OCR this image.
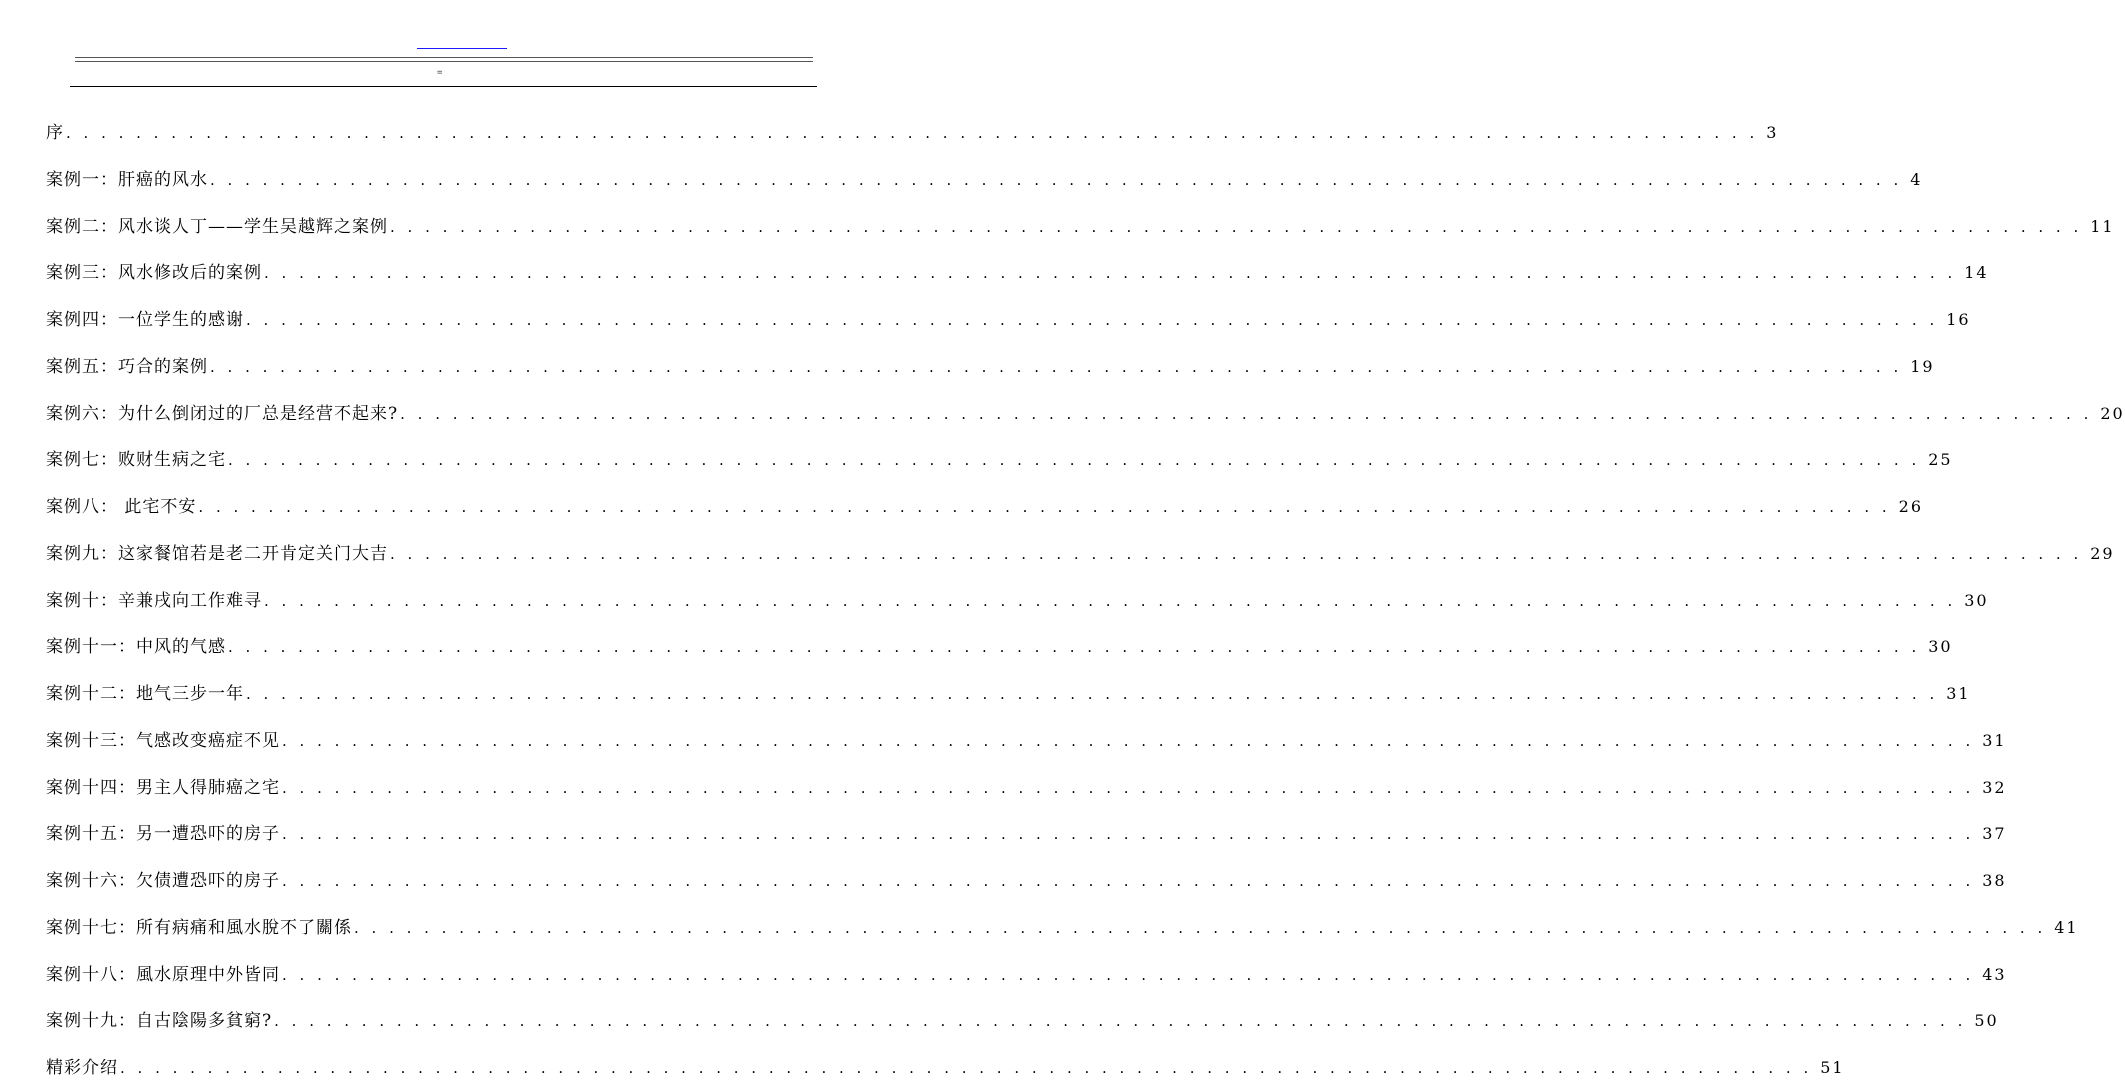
=
序 . . . . . . . . . . . . . . . . . . . . . . . . . . . . . . . . . . . . . . . . . . . . . . . . . . . . . . . . . . . . . . . . . . . . . . . . . . . . . . . . . . . . . . . . . . . . . . . . . 3
案例一：肝癌的风水 . . . . . . . . . . . . . . . . . . . . . . . . . . . . . . . . . . . . . . . . . . . . . . . . . . . . . . . . . . . . . . . . . . . . . . . . . . . . . . . . . . . . . . . . . . . . . . . . . 4
案例二：风水谈人丁——学生吴越辉之案例 . . . . . . . . . . . . . . . . . . . . . . . . . . . . . . . . . . . . . . . . . . . . . . . . . . . . . . . . . . . . . . . . . . . . . . . . . . . . . . . . . . . . . . . . . . . . . . . . . 11
案例三：风水修改后的案例 . . . . . . . . . . . . . . . . . . . . . . . . . . . . . . . . . . . . . . . . . . . . . . . . . . . . . . . . . . . . . . . . . . . . . . . . . . . . . . . . . . . . . . . . . . . . . . . . . 14
案例四：一位学生的感谢 . . . . . . . . . . . . . . . . . . . . . . . . . . . . . . . . . . . . . . . . . . . . . . . . . . . . . . . . . . . . . . . . . . . . . . . . . . . . . . . . . . . . . . . . . . . . . . . . . 16
案例五：巧合的案例 . . . . . . . . . . . . . . . . . . . . . . . . . . . . . . . . . . . . . . . . . . . . . . . . . . . . . . . . . . . . . . . . . . . . . . . . . . . . . . . . . . . . . . . . . . . . . . . . . 19
案例六：为什么倒闭过的厂总是经营不起来? . . . . . . . . . . . . . . . . . . . . . . . . . . . . . . . . . . . . . . . . . . . . . . . . . . . . . . . . . . . . . . . . . . . . . . . . . . . . . . . . . . . . . . . . . . . . . . . . . 20
案例七：败财生病之宅 . . . . . . . . . . . . . . . . . . . . . . . . . . . . . . . . . . . . . . . . . . . . . . . . . . . . . . . . . . . . . . . . . . . . . . . . . . . . . . . . . . . . . . . . . . . . . . . . . 25
案例八： 此宅不安 . . . . . . . . . . . . . . . . . . . . . . . . . . . . . . . . . . . . . . . . . . . . . . . . . . . . . . . . . . . . . . . . . . . . . . . . . . . . . . . . . . . . . . . . . . . . . . . . . 26
案例九：这家餐馆若是老二开肯定关门大吉 . . . . . . . . . . . . . . . . . . . . . . . . . . . . . . . . . . . . . . . . . . . . . . . . . . . . . . . . . . . . . . . . . . . . . . . . . . . . . . . . . . . . . . . . . . . . . . . . . 29
案例十：辛兼戌向工作难寻 . . . . . . . . . . . . . . . . . . . . . . . . . . . . . . . . . . . . . . . . . . . . . . . . . . . . . . . . . . . . . . . . . . . . . . . . . . . . . . . . . . . . . . . . . . . . . . . . . 30
案例十一：中风的气感 . . . . . . . . . . . . . . . . . . . . . . . . . . . . . . . . . . . . . . . . . . . . . . . . . . . . . . . . . . . . . . . . . . . . . . . . . . . . . . . . . . . . . . . . . . . . . . . . . 30
案例十二：地气三步一年 . . . . . . . . . . . . . . . . . . . . . . . . . . . . . . . . . . . . . . . . . . . . . . . . . . . . . . . . . . . . . . . . . . . . . . . . . . . . . . . . . . . . . . . . . . . . . . . . . 31
案例十三：气感改变癌症不见 . . . . . . . . . . . . . . . . . . . . . . . . . . . . . . . . . . . . . . . . . . . . . . . . . . . . . . . . . . . . . . . . . . . . . . . . . . . . . . . . . . . . . . . . . . . . . . . . . 31
案例十四：男主人得肺癌之宅 . . . . . . . . . . . . . . . . . . . . . . . . . . . . . . . . . . . . . . . . . . . . . . . . . . . . . . . . . . . . . . . . . . . . . . . . . . . . . . . . . . . . . . . . . . . . . . . . . 32
案例十五：另一遭恐吓的房子 . . . . . . . . . . . . . . . . . . . . . . . . . . . . . . . . . . . . . . . . . . . . . . . . . . . . . . . . . . . . . . . . . . . . . . . . . . . . . . . . . . . . . . . . . . . . . . . . . 37
案例十六：欠债遭恐吓的房子 . . . . . . . . . . . . . . . . . . . . . . . . . . . . . . . . . . . . . . . . . . . . . . . . . . . . . . . . . . . . . . . . . . . . . . . . . . . . . . . . . . . . . . . . . . . . . . . . . 38
案例十七：所有病痛和風水脫不了關係 . . . . . . . . . . . . . . . . . . . . . . . . . . . . . . . . . . . . . . . . . . . . . . . . . . . . . . . . . . . . . . . . . . . . . . . . . . . . . . . . . . . . . . . . . . . . . . . . . 41
案例十八：風水原理中外皆同 . . . . . . . . . . . . . . . . . . . . . . . . . . . . . . . . . . . . . . . . . . . . . . . . . . . . . . . . . . . . . . . . . . . . . . . . . . . . . . . . . . . . . . . . . . . . . . . . . 43
案例十九：自古陰陽多貧窮? . . . . . . . . . . . . . . . . . . . . . . . . . . . . . . . . . . . . . . . . . . . . . . . . . . . . . . . . . . . . . . . . . . . . . . . . . . . . . . . . . . . . . . . . . . . . . . . . . 50
精彩介绍 . . . . . . . . . . . . . . . . . . . . . . . . . . . . . . . . . . . . . . . . . . . . . . . . . . . . . . . . . . . . . . . . . . . . . . . . . . . . . . . . . . . . . . . . . . . . . . . . . 51
